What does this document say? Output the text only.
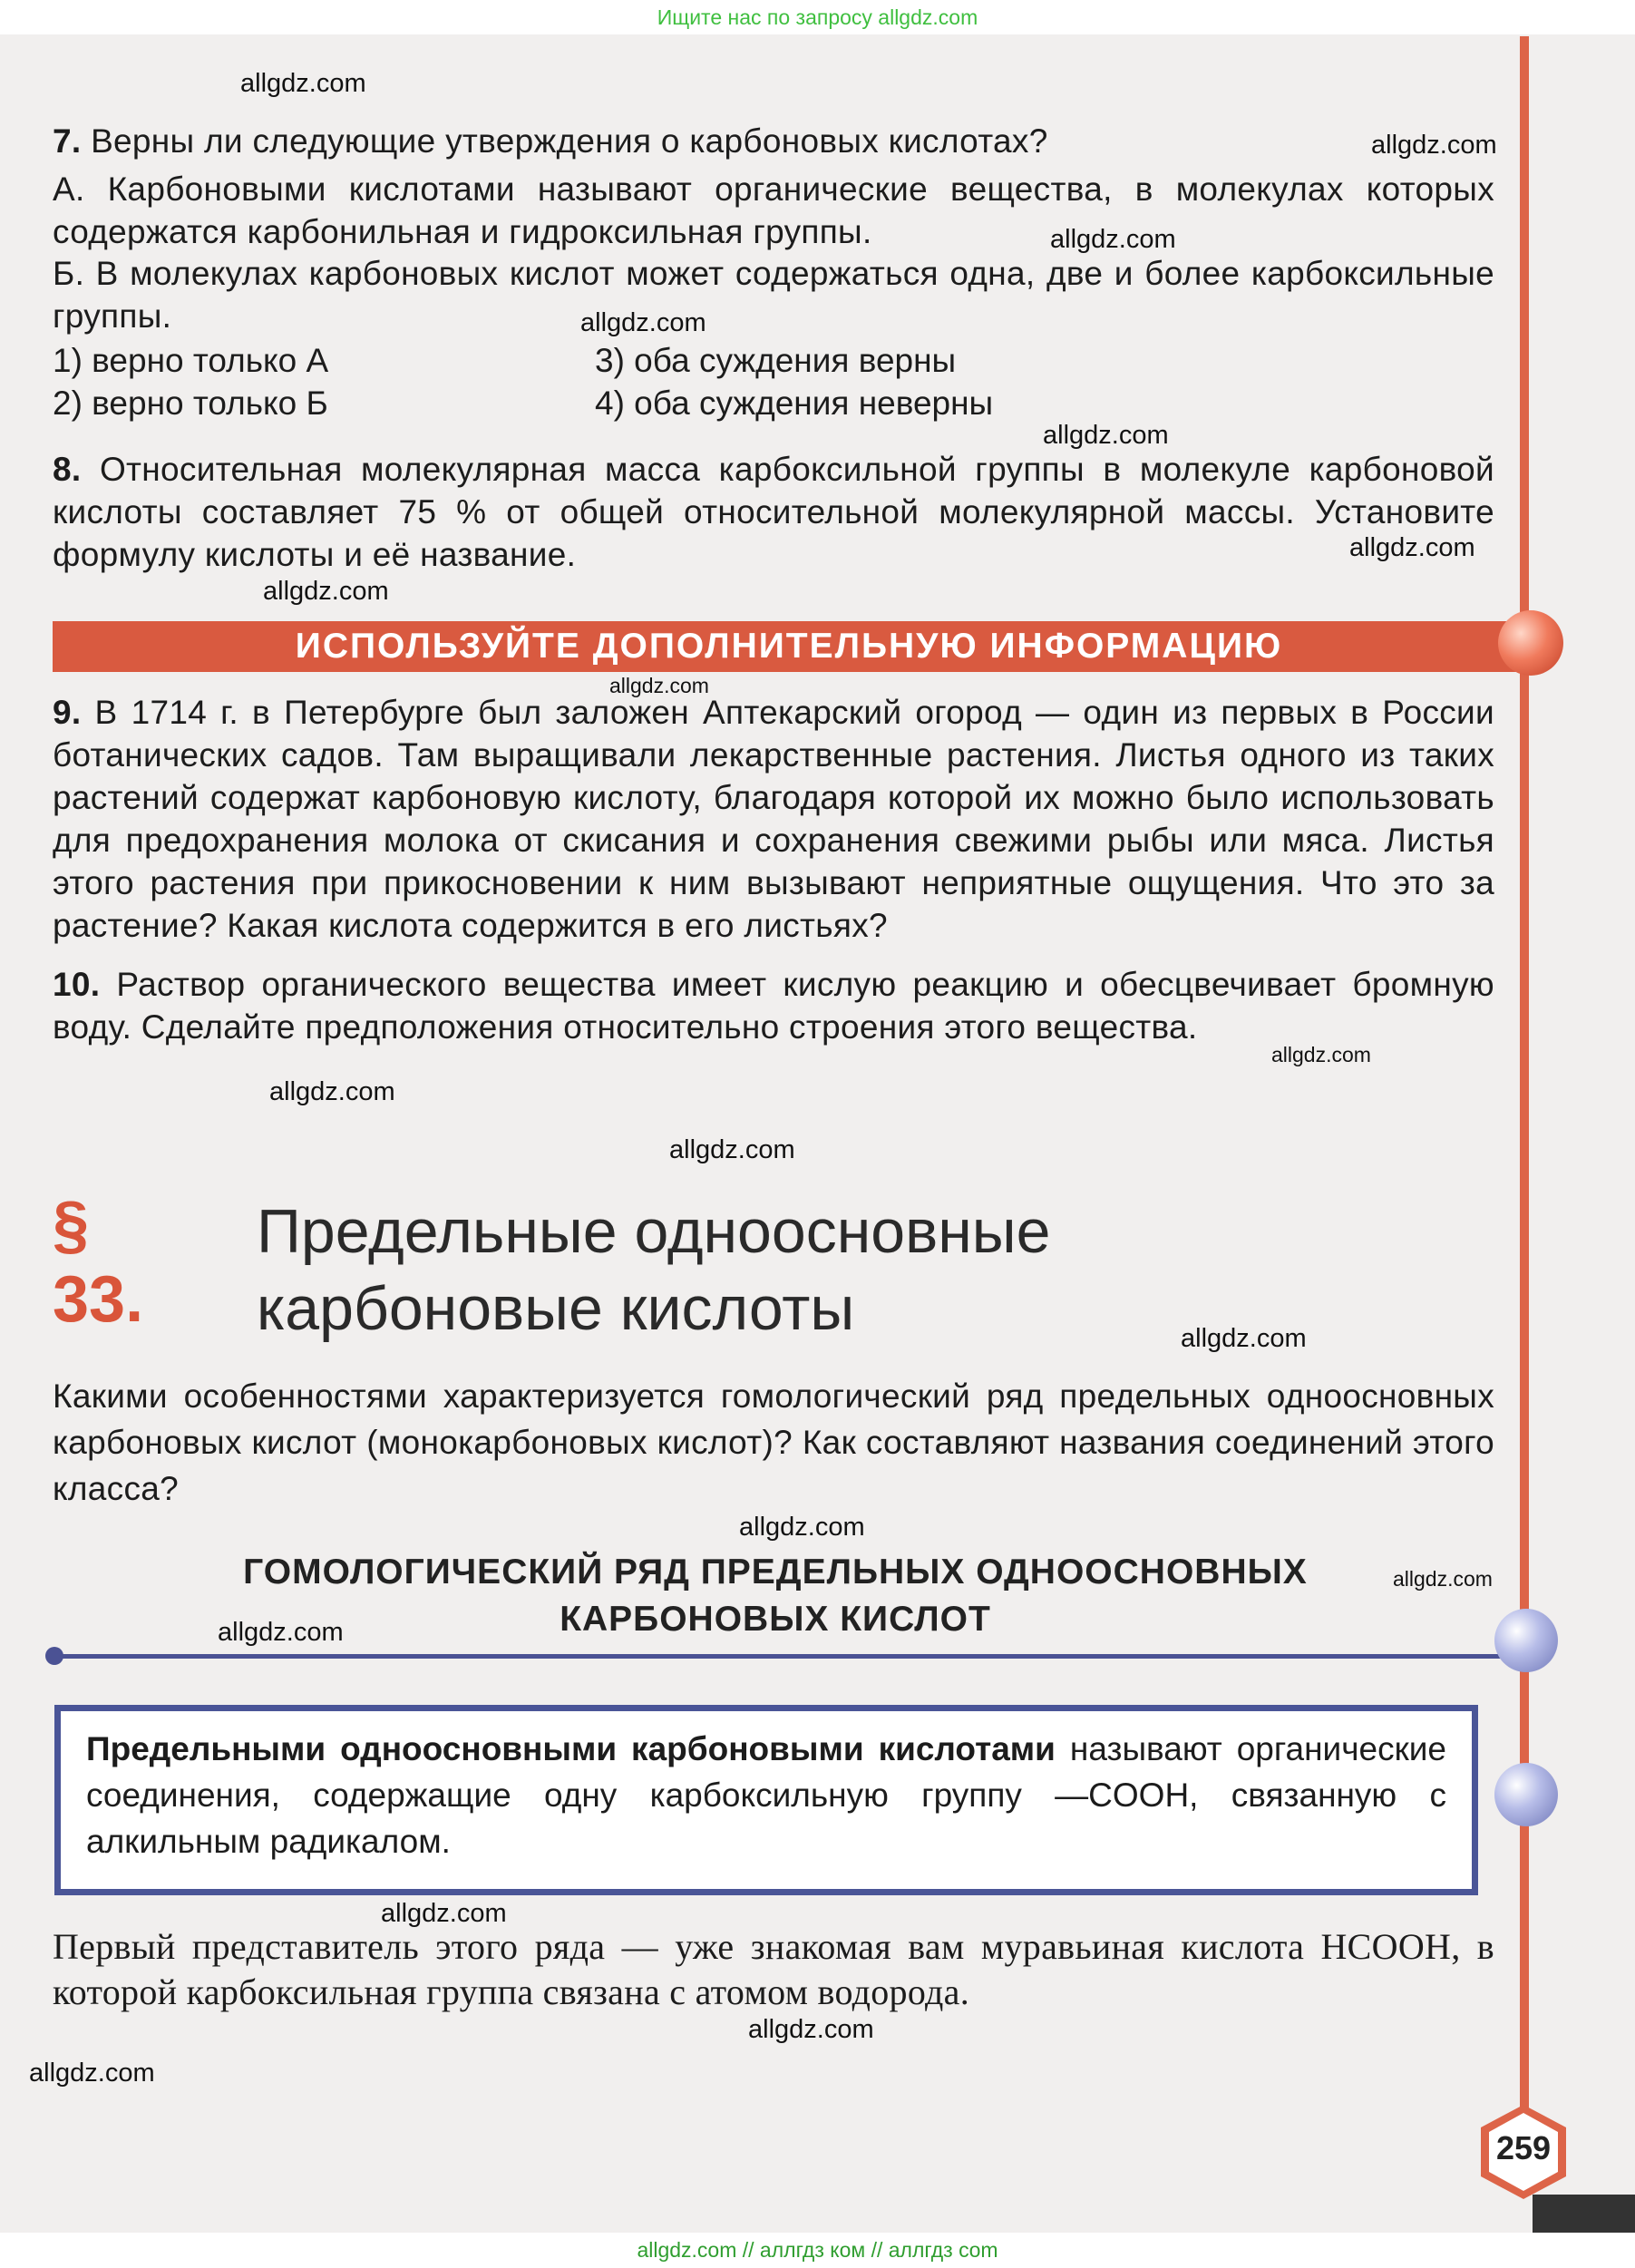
Ищите нас по запросу allgdz.com
allgdz.com
allgdz.com
allgdz.com
allgdz.com
allgdz.com
allgdz.com
allgdz.com
allgdz.com
allgdz.com
allgdz.com
allgdz.com
allgdz.com
allgdz.com
allgdz.com
allgdz.com
allgdz.com
allgdz.com
allgdz.com
7. Верны ли следующие утверждения о карбоновых кислотах?
А. Карбоновыми кислотами называют органические вещества, в молекулах которых содержатся карбонильная и гидроксильная группы.
Б. В молекулах карбоновых кислот может содержаться одна, две и более карбоксильные группы.
1) верно только А
2) верно только Б
3) оба суждения верны
4) оба суждения неверны
8. Относительная молекулярная масса карбоксильной группы в молекуле карбоновой кислоты составляет 75 % от общей относительной молекулярной массы. Установите формулу кислоты и её название.
ИСПОЛЬЗУЙТЕ ДОПОЛНИТЕЛЬНУЮ ИНФОРМАЦИЮ
9. В 1714 г. в Петербурге был заложен Аптекарский огород — один из первых в России ботанических садов. Там выращивали лекарственные растения. Листья одного из таких растений содержат карбоновую кислоту, благодаря которой их можно было использовать для предохранения молока от скисания и сохранения свежими рыбы или мяса. Листья этого растения при прикосновении к ним вызывают неприятные ощущения. Что это за растение? Какая кислота содержится в его листьях?
10. Раствор органического вещества имеет кислую реакцию и обесцвечивает бромную воду. Сделайте предположения относительно строения этого вещества.
§ 33.
Предельные одноосновные
карбоновые кислоты
Какими особенностями характеризуется гомологический ряд предельных одноосновных карбоновых кислот (монокарбоновых кислот)? Как составляют названия соединений этого класса?
ГОМОЛОГИЧЕСКИЙ РЯД ПРЕДЕЛЬНЫХ ОДНООСНОВНЫХ
КАРБОНОВЫХ КИСЛОТ
Предельными одноосновными карбоновыми кислотами называют органические соединения, содержащие одну карбоксильную группу —COOH, связанную с алкильным радикалом.
Первый представитель этого ряда — уже знакомая вам муравьиная кислота HCOOH, в которой карбоксильная группа связана с атомом водорода.
259
allgdz.com // аллгдз ком // аллгдз com
